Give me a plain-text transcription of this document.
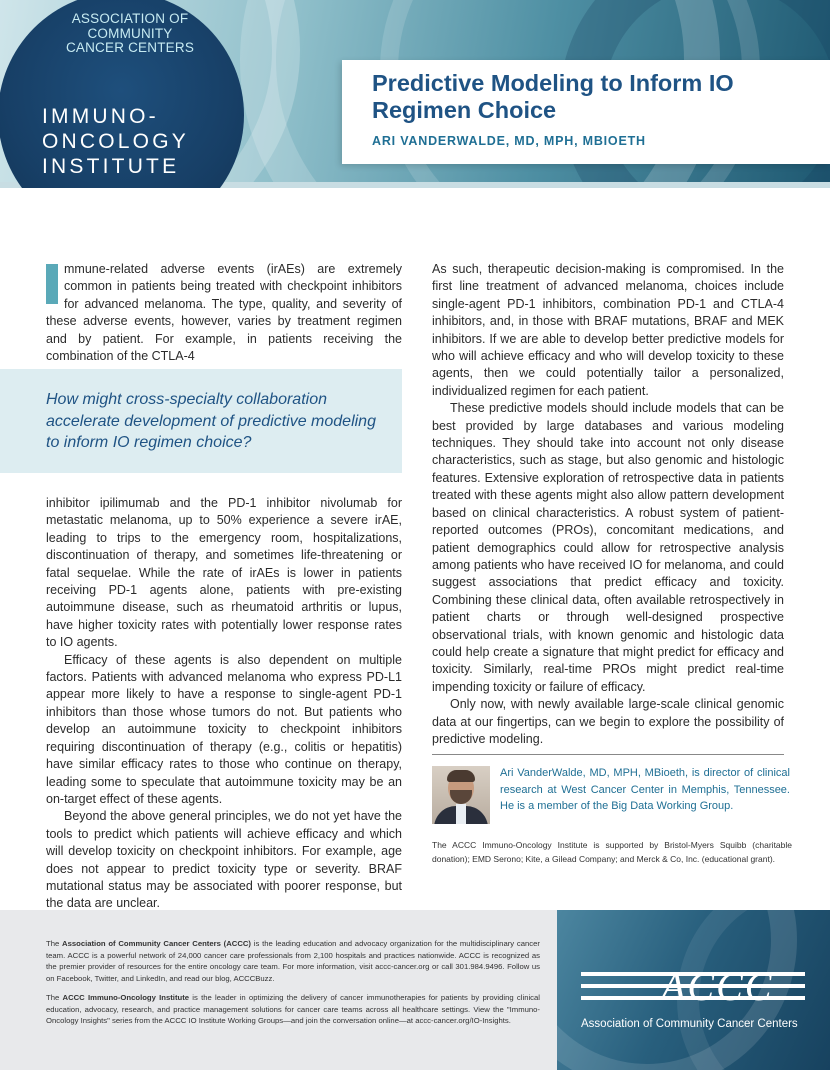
ASSOCIATION OF COMMUNITY CANCER CENTERS
IMMUNO-ONCOLOGY INSTITUTE
Predictive Modeling to Inform IO Regimen Choice
ARI VANDERWALDE, MD, MPH, MBIOETH

mmune-related adverse events (irAEs) are extremely common in patients being treated with checkpoint inhibitors for advanced melanoma. The type, quality, and severity of these adverse events, however, varies by treatment regimen and by patient. For example, in patients receiving the combination of the CTLA-4

How might cross-specialty collaboration accelerate development of predictive modeling to inform IO regimen choice?

inhibitor ipilimumab and the PD-1 inhibitor nivolumab for metastatic melanoma, up to 50% experience a severe irAE, leading to trips to the emergency room, hospitalizations, discontinuation of therapy, and sometimes life-threatening or fatal sequelae. While the rate of irAEs is lower in patients receiving PD-1 agents alone, patients with pre-existing autoimmune disease, such as rheumatoid arthritis or lupus, have higher toxicity rates with potentially lower response rates to IO agents.

Efficacy of these agents is also dependent on multiple factors. Patients with advanced melanoma who express PD-L1 appear more likely to have a response to single-agent PD-1 inhibitors than those whose tumors do not. But patients who develop an autoimmune toxicity to checkpoint inhibitors requiring discontinuation of therapy (e.g., colitis or hepatitis) have similar efficacy rates to those who continue on therapy, leading some to speculate that autoimmune toxicity may be an on-target effect of these agents.

Beyond the above general principles, we do not yet have the tools to predict which patients will achieve efficacy and which will develop toxicity on checkpoint inhibitors. For example, age does not appear to predict toxicity type or severity. BRAF mutational status may be associated with poorer response, but the data are unclear.

As such, therapeutic decision-making is compromised. In the first line treatment of advanced melanoma, choices include single-agent PD-1 inhibitors, combination PD-1 and CTLA-4 inhibitors, and, in those with BRAF mutations, BRAF and MEK inhibitors. If we are able to develop better predictive models for who will achieve efficacy and who will develop toxicity to these agents, then we could potentially tailor a personalized, individualized regimen for each patient.

These predictive models should include models that can be best provided by large databases and various modeling techniques. They should take into account not only disease characteristics, such as stage, but also genomic and histologic features. Extensive exploration of retrospective data in patients treated with these agents might also allow pattern development based on clinical characteristics. A robust system of patient-reported outcomes (PROs), concomitant medications, and patient demographics could allow for retrospective analysis among patients who have received IO for melanoma, and could suggest associations that predict efficacy and toxicity. Combining these clinical data, often available retrospectively in patient charts or through well-designed prospective observational trials, with known genomic and histologic data could help create a signature that might predict for efficacy and toxicity. Similarly, real-time PROs might predict real-time impending toxicity or failure of efficacy.

Only now, with newly available large-scale clinical genomic data at our fingertips, can we begin to explore the possibility of predictive modeling.

Ari VanderWalde, MD, MPH, MBioeth, is director of clinical research at West Cancer Center in Memphis, Tennessee. He is a member of the Big Data Working Group.
The ACCC Immuno-Oncology Institute is supported by Bristol-Myers Squibb (charitable donation); EMD Serono; Kite, a Gilead Company; and Merck & Co, Inc. (educational grant).

The Association of Community Cancer Centers (ACCC) is the leading education and advocacy organization for the multidisciplinary cancer team. ACCC is a powerful network of 24,000 cancer care professionals from 2,100 hospitals and practices nationwide. ACCC is recognized as the premier provider of resources for the entire oncology care team. For more information, visit accc-cancer.org or call 301.984.9496. Follow us on Facebook, Twitter, and LinkedIn, and read our blog, ACCCBuzz.

The ACCC Immuno-Oncology Institute is the leader in optimizing the delivery of cancer immunotherapies for patients by providing clinical education, advocacy, research, and practice management solutions for cancer care teams across all healthcare settings. View the "Immuno-Oncology Insights" series from the ACCC IO Institute Working Groups—and join the conversation online—at accc-cancer.org/IO-Insights.

ACCC
Association of Community Cancer Centers
